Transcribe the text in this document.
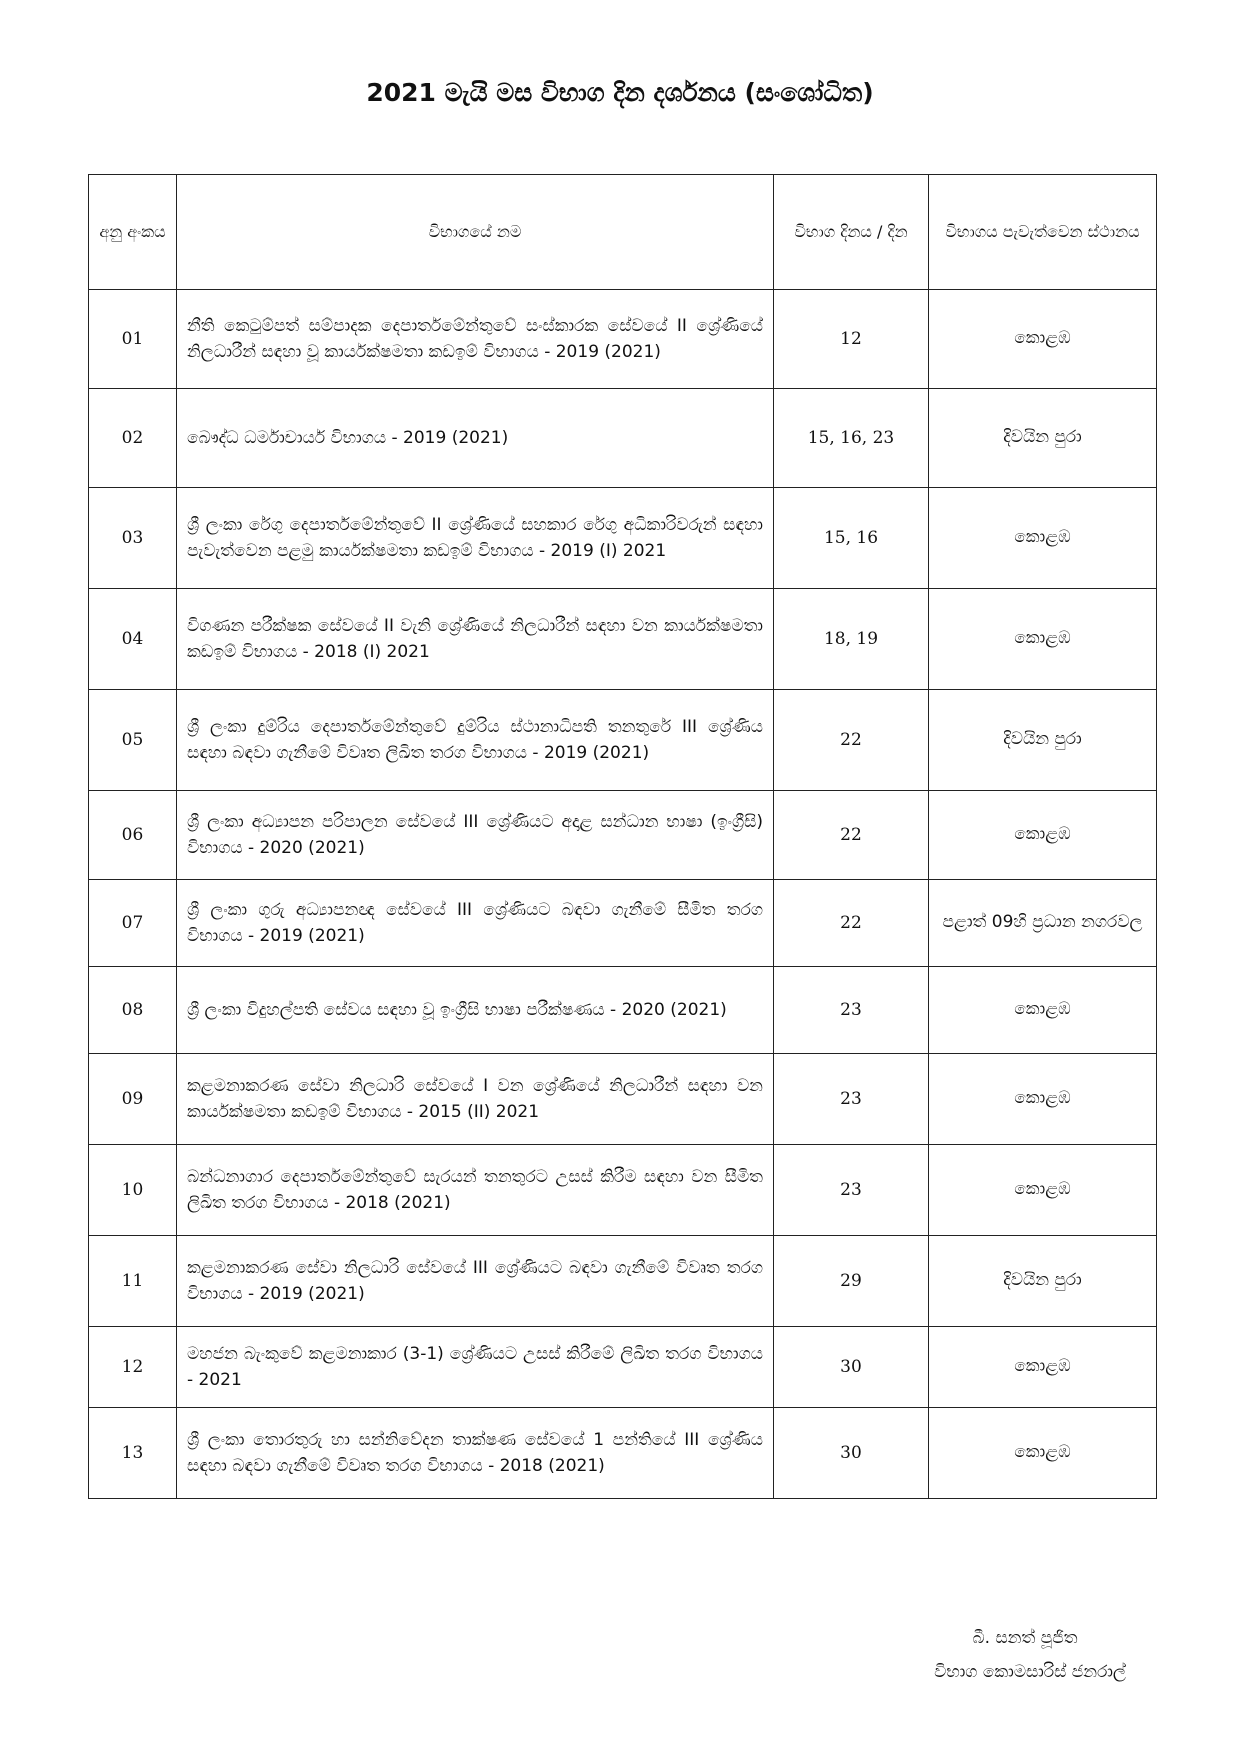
2021 මැයි මස විභාග දින දර්ශනය (සංශෝධිත)
අනු අංකය	විභාගයේ නම	විභාග දිනය / දින	විභාගය පැවැත්වෙන ස්ථානය
01	නීති කෙටුම්පත් සම්පාදක දෙපාර්තමේන්තුවේ සංස්කාරක සේවයේ II ශ්‍රේණියේ නිලධාරීන් සඳහා වූ කාර්යක්ෂමතා කඩඉම් විභාගය - 2019 (2021)	12	කොළඹ
02	බෞද්ධ ධර්මාචාර්ය විභාගය - 2019 (2021)	15, 16, 23	දිවයින පුරා
03	ශ්‍රී ලංකා රේගු දෙපාර්තමේන්තුවේ II ශ්‍රේණියේ සහකාර රේගු අධිකාරිවරුන් සඳහා පැවැත්වෙන පළමු කාර්යක්ෂමතා කඩඉම් විභාගය - 2019 (I) 2021	15, 16	කොළඹ
04	විගණන පරීක්ෂක සේවයේ II වැනි ශ්‍රේණියේ නිලධාරීන් සඳහා වන කාර්යක්ෂමතා කඩඉම් විභාගය - 2018 (I) 2021	18, 19	කොළඹ
05	ශ්‍රී ලංකා දුම්රිය දෙපාර්තමේන්තුවේ දුම්රිය ස්ථානාධිපති තනතුරේ III ශ්‍රේණිය සඳහා බඳවා ගැනීමේ විවෘත ලිඛිත තරග විභාගය - 2019 (2021)	22	දිවයින පුරා
06	ශ්‍රී ලංකා අධ්‍යාපන පරිපාලන සේවයේ III ශ්‍රේණියට අදාළ සන්ධාන භාෂා (ඉංග්‍රීසි) විභාගය - 2020 (2021)	22	කොළඹ
07	ශ්‍රී ලංකා ගුරු අධ්‍යාපනඥ සේවයේ III ශ්‍රේණියට බඳවා ගැනීමේ සීමිත තරග විභාගය - 2019 (2021)	22	පළාත් 09හි ප්‍රධාන නගරවල
08	ශ්‍රී ලංකා විදුහල්පති සේවය සඳහා වූ ඉංග්‍රීසි භාෂා පරීක්ෂණය - 2020 (2021)	23	කොළඹ
09	කළමනාකරණ සේවා නිලධාරි සේවයේ I වන ශ්‍රේණියේ නිලධාරීන් සඳහා වන කාර්යක්ෂමතා කඩඉම් විභාගය - 2015 (II) 2021	23	කොළඹ
10	බන්ධනාගාර දෙපාර්තමේන්තුවේ සැරයන් තනතුරට උසස් කිරීම සඳහා වන සීමිත ලිඛිත තරග විභාගය - 2018 (2021)	23	කොළඹ
11	කළමනාකරණ සේවා නිලධාරි සේවයේ III ශ්‍රේණියට බඳවා ගැනීමේ විවෘත තරග විභාගය - 2019 (2021)	29	දිවයින පුරා
12	මහජන බැංකුවේ කළමනාකාර (3-1) ශ්‍රේණියට උසස් කිරීමේ ලිඛිත තරග විභාගය - 2021	30	කොළඹ
13	ශ්‍රී ලංකා තොරතුරු හා සන්නිවේදන තාක්ෂණ සේවයේ 1 පන්තියේ III ශ්‍රේණිය සඳහා බඳවා ගැනීමේ විවෘත තරග විභාගය - 2018 (2021)	30	කොළඹ
බී. සනත් පූජිත
විභාග කොමසාරිස් ජනරාල්
